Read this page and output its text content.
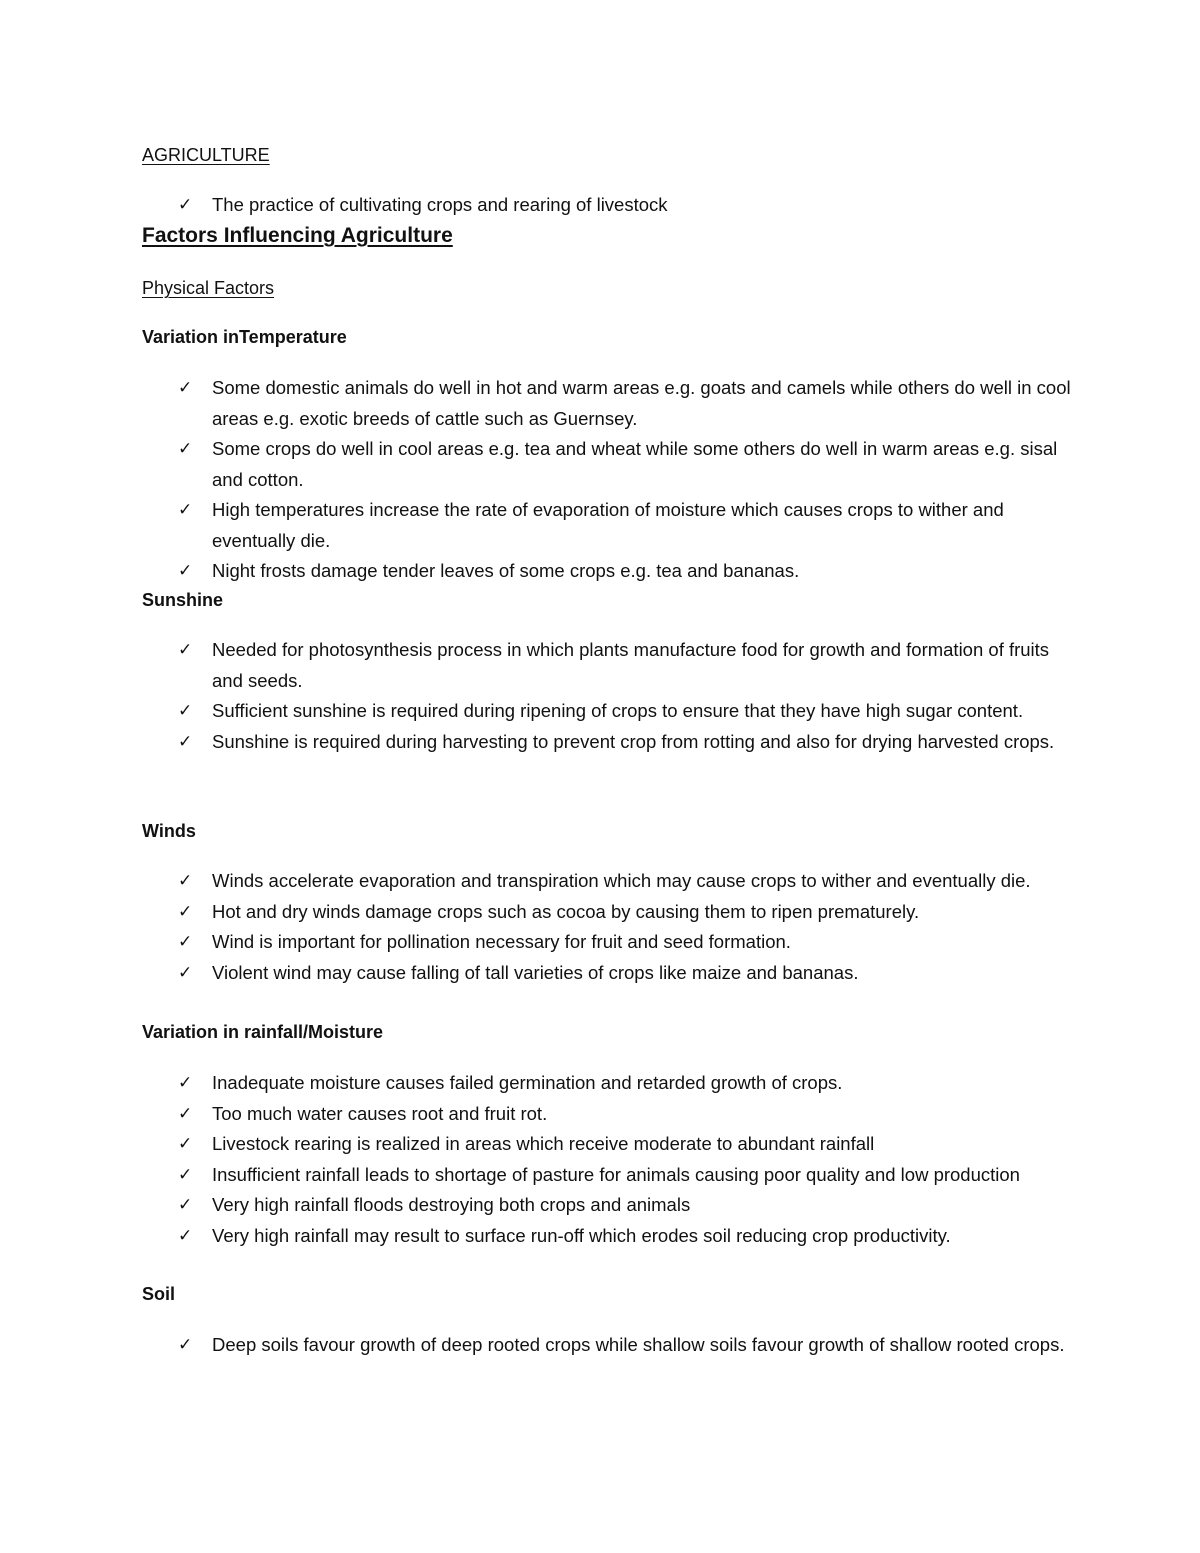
AGRICULTURE
✓ The practice of cultivating crops and rearing of livestock
Factors Influencing Agriculture
Physical Factors
Variation inTemperature
✓ Some domestic animals do well in hot and warm areas e.g. goats and camels while others do well in cool areas e.g. exotic breeds of cattle such as Guernsey.
✓ Some crops do well in cool areas e.g. tea and wheat while some others do well in warm areas e.g. sisal and cotton.
✓ High temperatures increase the rate of evaporation of moisture which causes crops to wither and eventually die.
✓ Night frosts damage tender leaves of some crops e.g. tea and bananas.
Sunshine
✓ Needed for photosynthesis process in which plants manufacture food for growth and formation of fruits and seeds.
✓ Sufficient sunshine is required during ripening of crops to ensure that they have high sugar content.
✓ Sunshine is required during harvesting to prevent crop from rotting and also for drying harvested crops.
Winds
✓ Winds accelerate evaporation and transpiration which may cause crops to wither and eventually die.
✓ Hot and dry winds damage crops such as cocoa by causing them to ripen prematurely.
✓ Wind is important for pollination necessary for fruit and seed formation.
✓ Violent wind may cause falling of tall varieties of crops like maize and bananas.
Variation in rainfall/Moisture
✓ Inadequate moisture causes failed germination and retarded growth of crops.
✓ Too much water causes root and fruit rot.
✓ Livestock rearing is realized in areas which receive moderate to abundant rainfall
✓ Insufficient rainfall leads to shortage of pasture for animals causing poor quality and low production
✓ Very high rainfall floods destroying both crops and animals
✓ Very high rainfall may result to surface run-off which erodes soil reducing crop productivity.
Soil
✓ Deep soils favour growth of deep rooted crops while shallow soils favour growth of shallow rooted crops.
